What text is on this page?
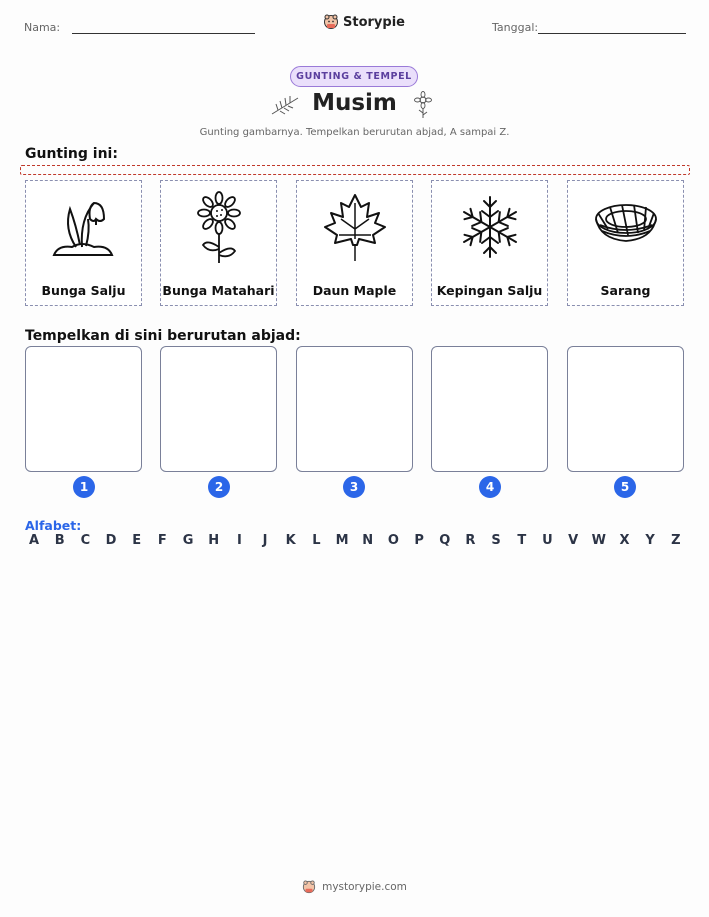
Nama:	Storypie	Tanggal:
GUNTING & TEMPEL
Musim
Gunting gambarnya. Tempelkan berurutan abjad, A sampai Z.
Gunting ini:
Bunga Salju	Bunga Matahari	Daun Maple	Kepingan Salju	Sarang
Tempelkan di sini berurutan abjad:
1	2	3	4	5
Alfabet:
A	B	C	D	E	F	G H	I	J	K	L	M N O	P	Q	R	S	T	U	V	W	X	Y	Z
mystorypie.com
